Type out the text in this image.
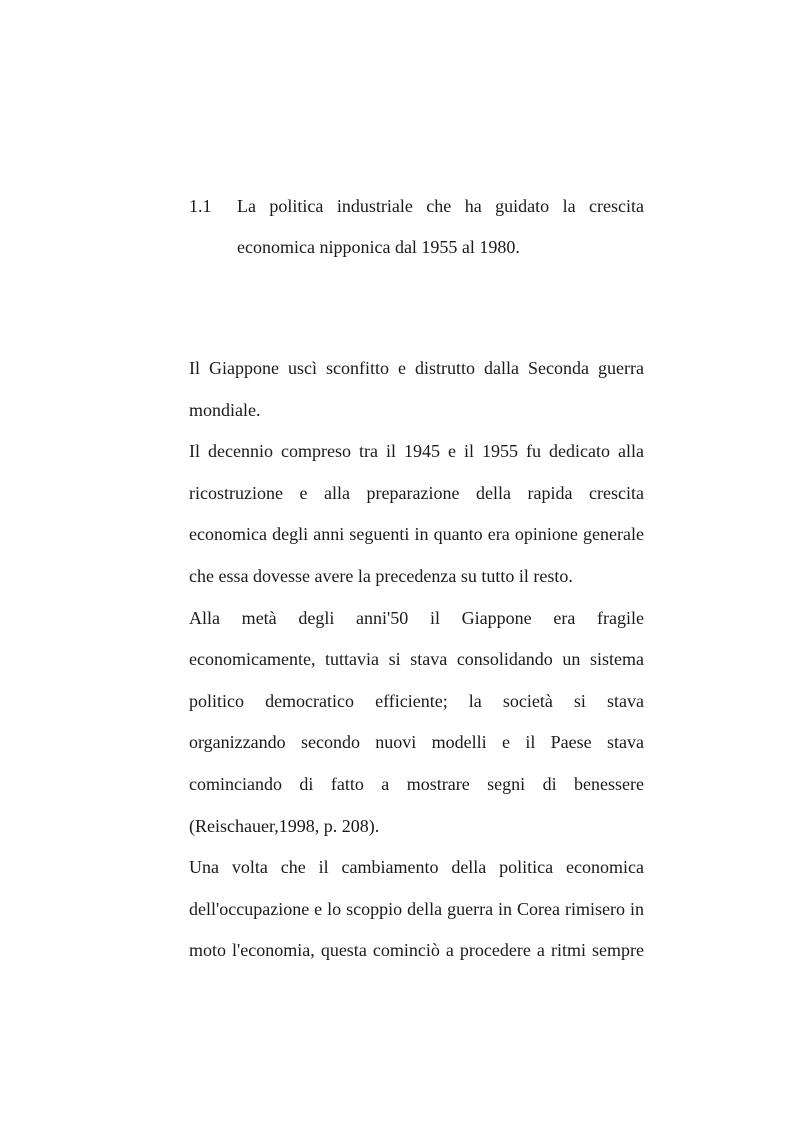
1.1 La politica industriale che ha guidato la crescita economica nipponica dal 1955 al 1980.

Il Giappone uscì sconfitto e distrutto dalla Seconda guerra mondiale.

Il decennio compreso tra il 1945 e il 1955 fu dedicato alla ricostruzione e alla preparazione della rapida crescita economica degli anni seguenti in quanto era opinione generale che essa dovesse avere la precedenza su tutto il resto.

Alla metà degli anni'50 il Giappone era fragile economicamente, tuttavia si stava consolidando un sistema politico democratico efficiente; la società si stava organizzando secondo nuovi modelli e il Paese stava cominciando di fatto a mostrare segni di benessere (Reischauer,1998, p. 208).

Una volta che il cambiamento della politica economica dell'occupazione e lo scoppio della guerra in Corea rimisero in moto l'economia, questa cominciò a procedere a ritmi sempre
